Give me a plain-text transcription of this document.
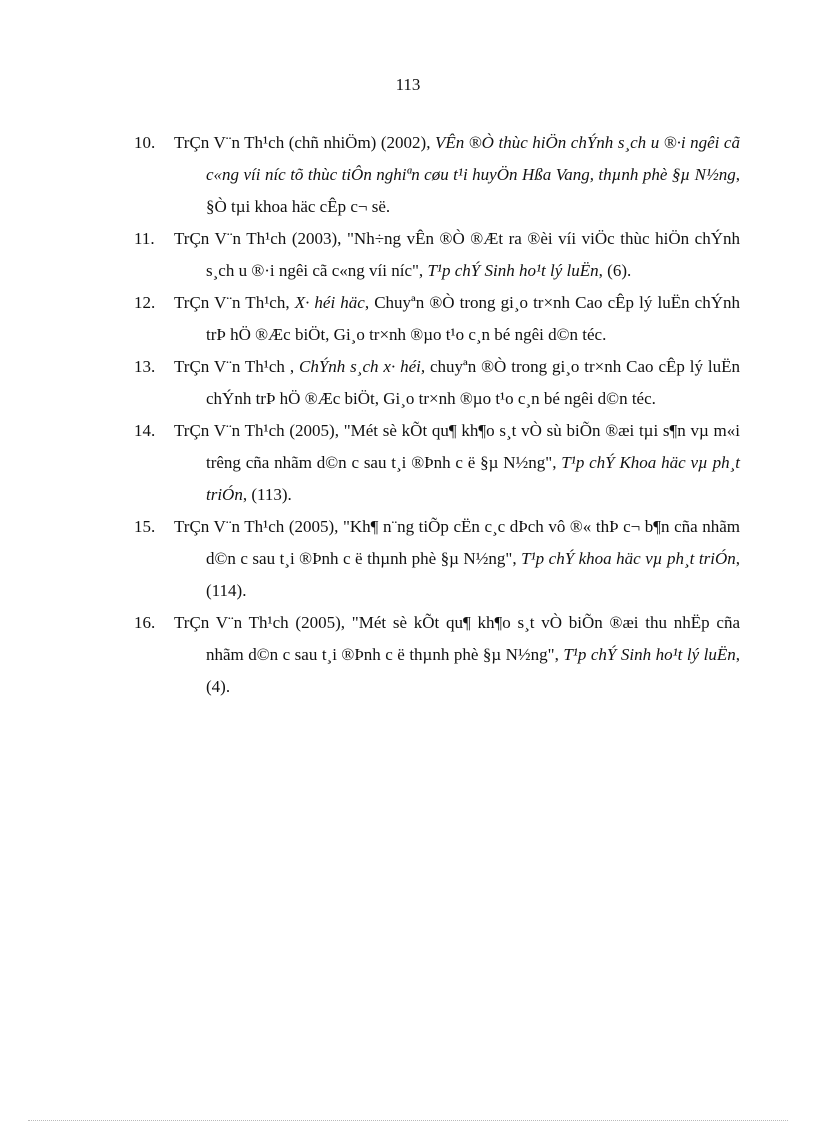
113

10.	TrÇn V¨n Th¹ch (chñ nhiÖm) (2002), VÊn ®Ò thùc hiÖn chÝnh s¸ch u ®·i ngêi cã c«ng víi níc tõ thùc tiÔn nghiªn cøu t¹i huyÖn Hßa Vang, thµnh phè §µ N½ng, §Ò tµi khoa häc cÊp c¬ së.

11.	TrÇn V¨n Th¹ch (2003), "Nh÷ng vÊn ®Ò ®Æt ra ®èi víi viÖc thùc hiÖn chÝnh s¸ch u ®·i ngêi cã c«ng víi níc", T¹p chÝ Sinh ho¹t lý luËn, (6).

12.	TrÇn V¨n Th¹ch, X· héi häc, Chuyªn ®Ò trong gi¸o tr×nh Cao cÊp lý luËn chÝnh trÞ hÖ ®Æc biÖt, Gi¸o tr×nh ®µo t¹o c¸n bé ngêi d©n téc.

13.	TrÇn V¨n Th¹ch , ChÝnh s¸ch x· héi, chuyªn ®Ò trong gi¸o tr×nh Cao cÊp lý luËn chÝnh trÞ hÖ ®Æc biÖt, Gi¸o tr×nh ®µo t¹o c¸n bé ngêi d©n téc.

14.	TrÇn V¨n Th¹ch (2005), "Mét sè kÕt qu¶ kh¶o s¸t vÒ sù biÕn ®æi tµi s¶n vµ m«i trêng cña nhãm d©n c sau t¸i ®Þnh c ë §µ N½ng", T¹p chÝ Khoa häc vµ ph¸t triÓn, (113).

15.	TrÇn V¨n Th¹ch (2005), "Kh¶ n¨ng tiÕp cËn c¸c dÞch vô ®« thÞ c¬ b¶n cña nhãm d©n c sau t¸i ®Þnh c ë thµnh phè §µ N½ng", T¹p chÝ khoa häc vµ ph¸t triÓn, (114).

16.	TrÇn V¨n Th¹ch (2005), "Mét sè kÕt qu¶ kh¶o s¸t vÒ biÕn ®æi thu nhËp cña nhãm d©n c sau t¸i ®Þnh c ë thµnh phè §µ N½ng", T¹p chÝ Sinh ho¹t lý luËn, (4).
